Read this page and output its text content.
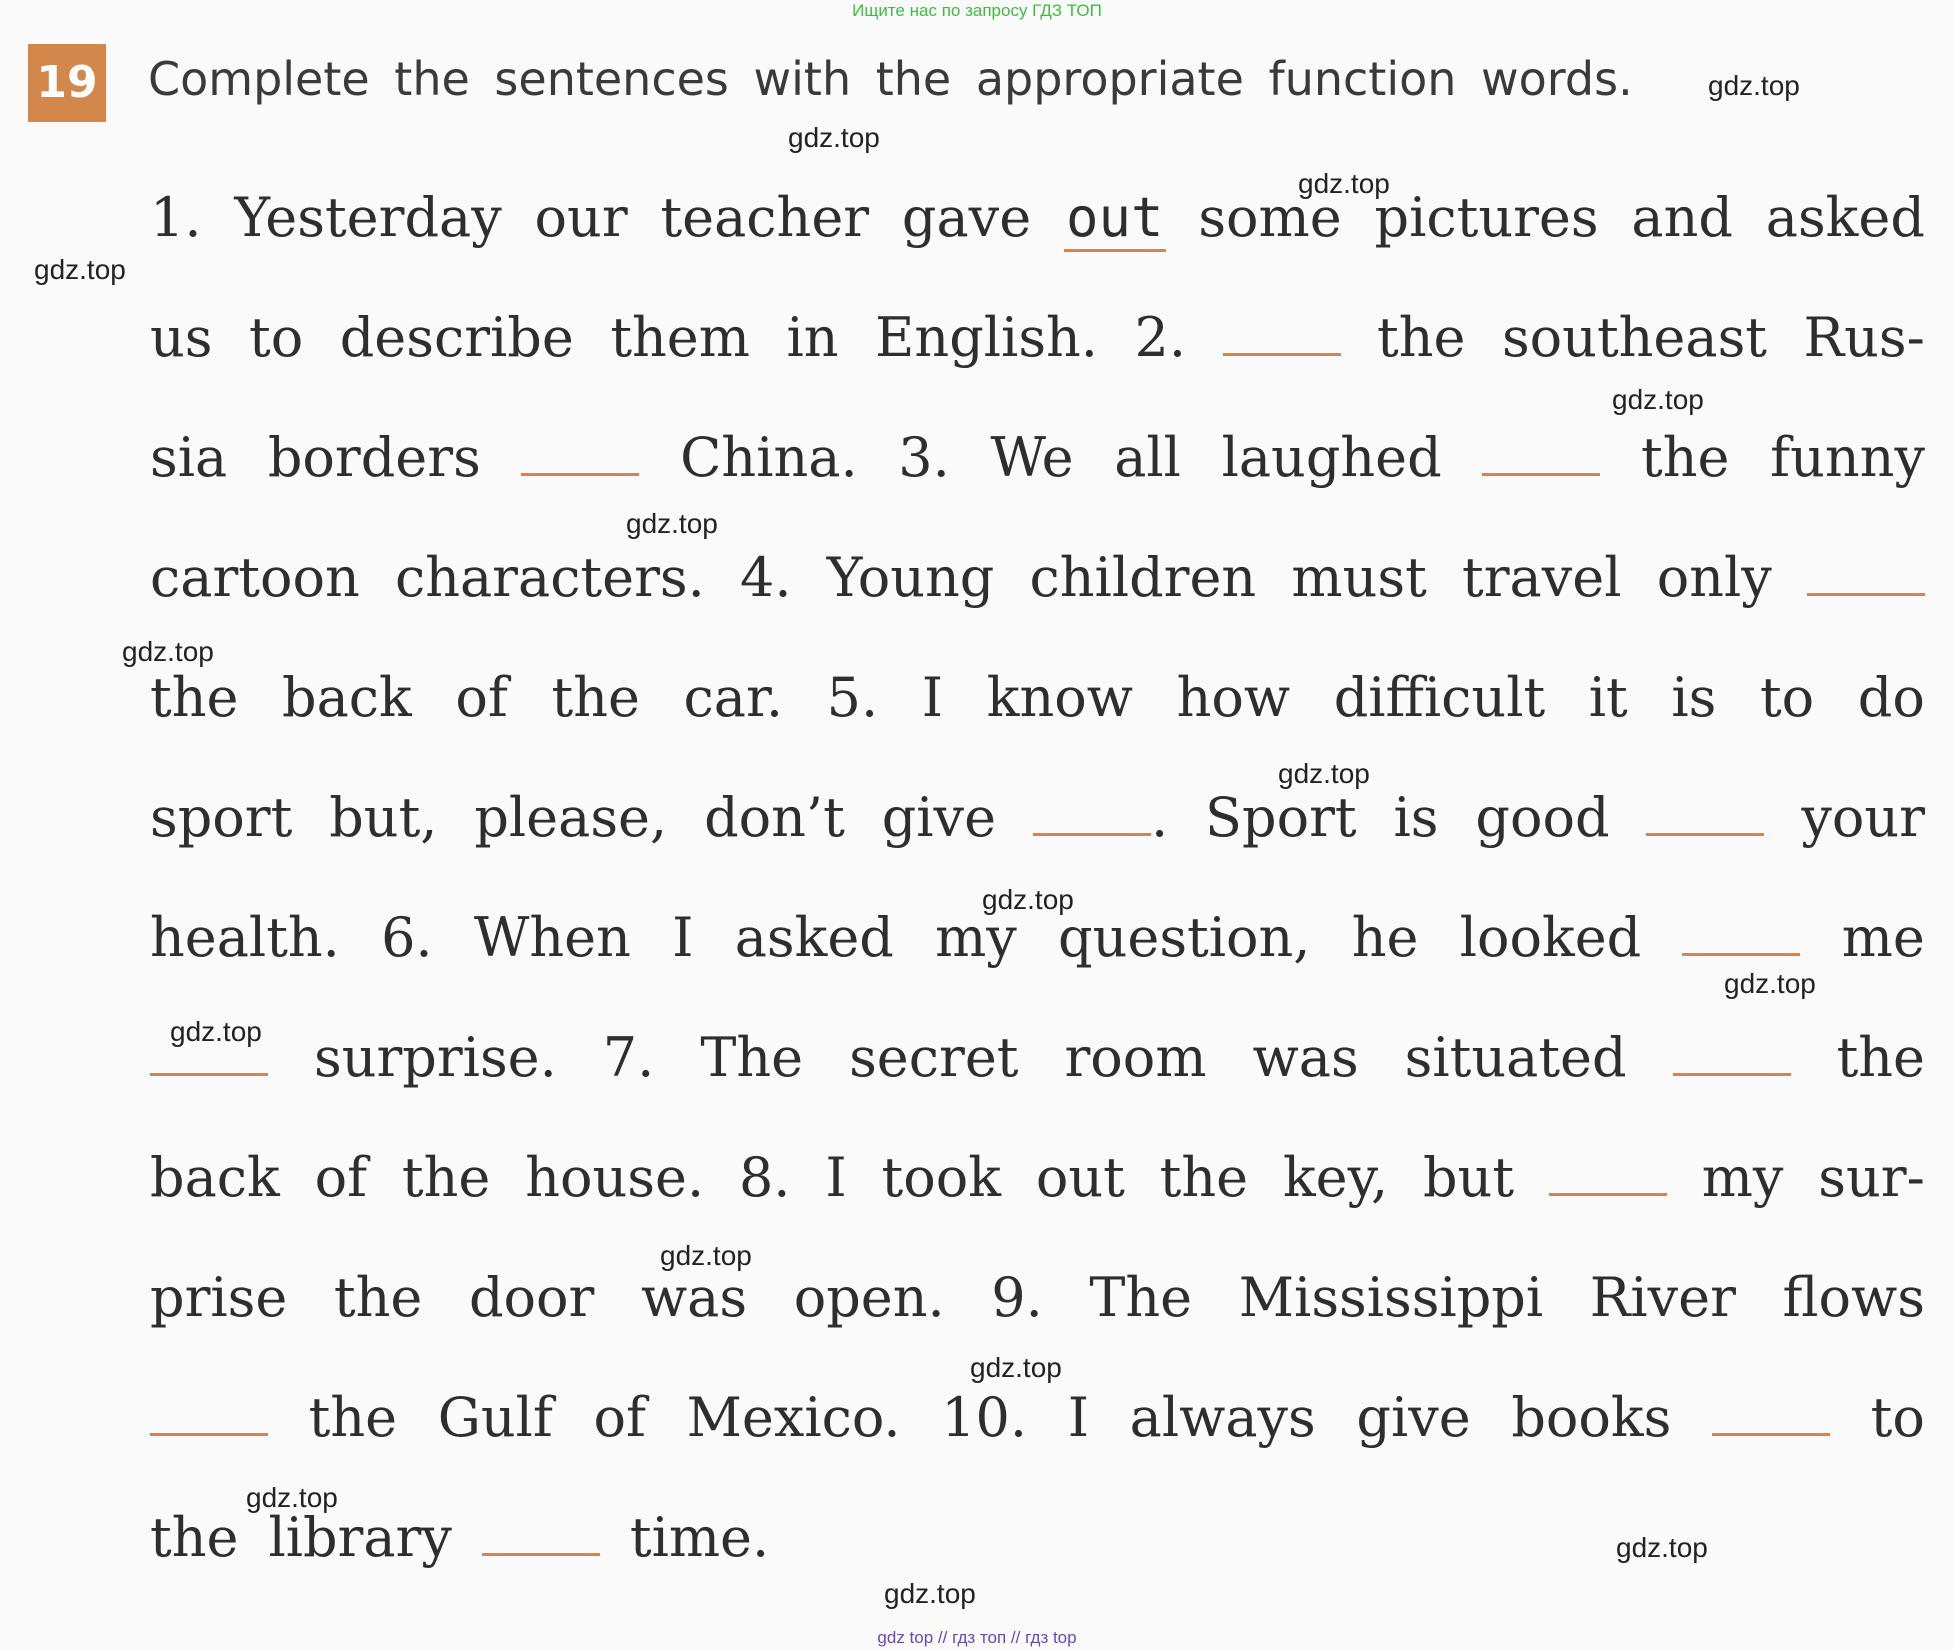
Ищите нас по запросу ГДЗ ТОП
19 Complete the sentences with the appropriate function words.
1. Yesterday our teacher gave out some pictures and asked
us to describe them in English. 2.	the southeast Rus-
sia borders	China. 3. We all laughed	the funny
cartoon characters. 4. Young children must travel only
the back of the car. 5. I know how difficult it is to do
sport but, please, don’t give	. Sport is good	your
health. 6. When I asked my question, he looked	me
surprise. 7. The secret room was situated	the
back of the house. 8. I took out the key, but	my sur-
prise the door was open. 9. The Mississippi River flows
the Gulf of Mexico. 10. I always give books	to
the library	time.
gdz.top
gdz.top
gdz.top
gdz.top
gdz.top
gdz.top
gdz.top
gdz.top
gdz.top
gdz.top
gdz.top
gdz.top
gdz.top
gdz.top
gdz.top
gdz.top
gdz top // гдз топ // гдз top
